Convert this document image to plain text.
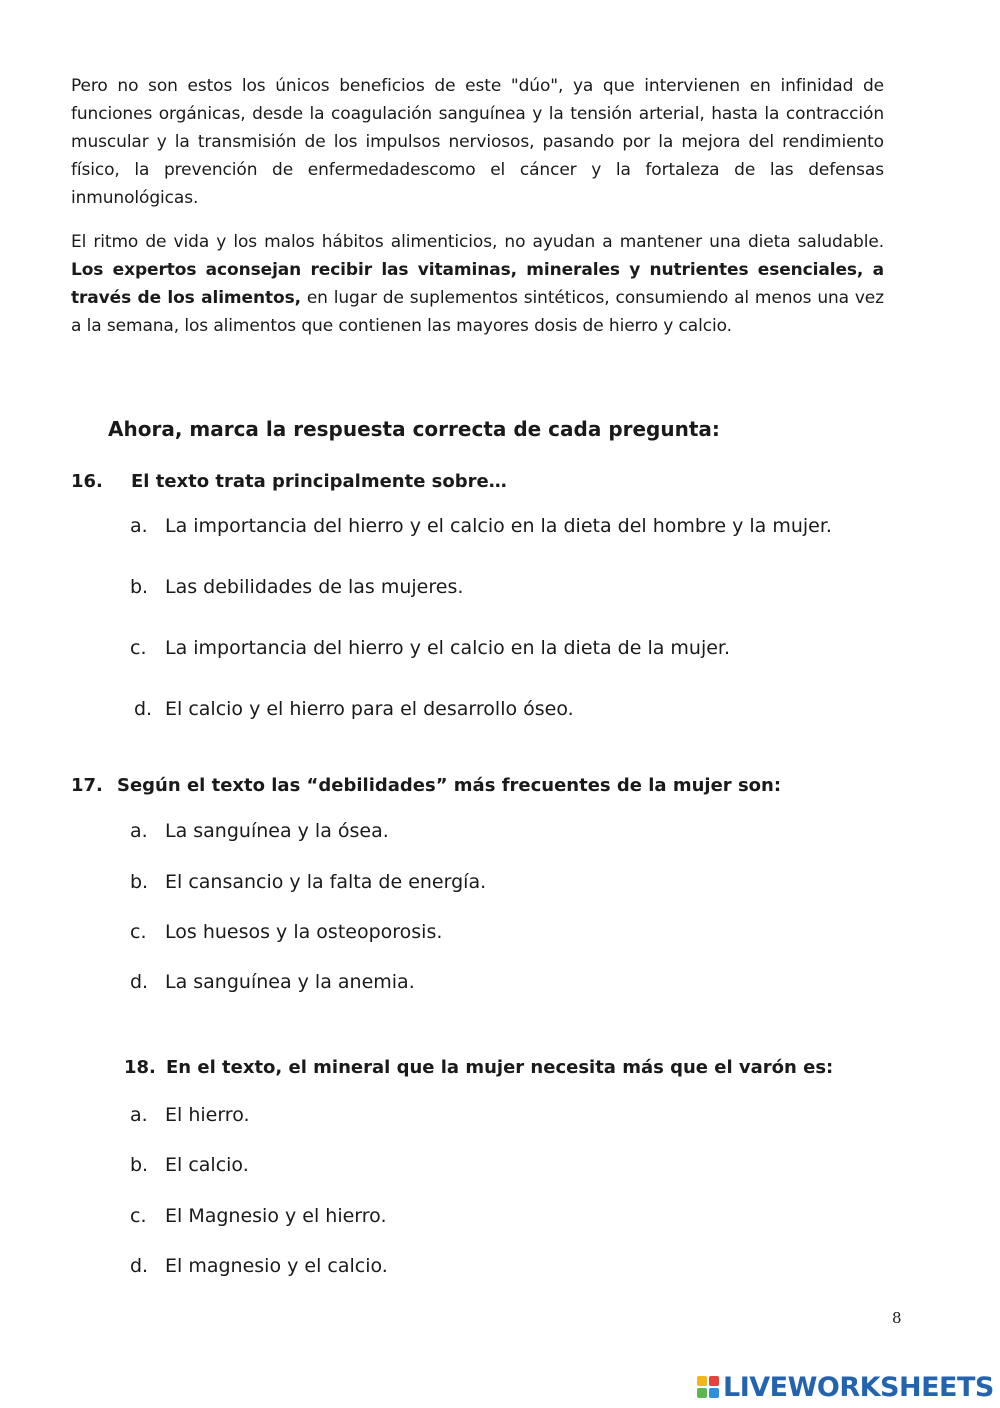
Pero no son estos los únicos beneficios de este "dúo", ya que intervienen en infinidad de funciones orgánicas, desde la coagulación sanguínea y la tensión arterial, hasta la contracción muscular y la transmisión de los impulsos nerviosos, pasando por la mejora del rendimiento físico, la prevención de enfermedadescomo el cáncer y la fortaleza de las defensas inmunológicas.

El ritmo de vida y los malos hábitos alimenticios, no ayudan a mantener una dieta saludable. Los expertos aconsejan recibir las vitaminas, minerales y nutrientes esenciales, a través de los alimentos, en lugar de suplementos sintéticos, consumiendo al menos una vez a la semana, los alimentos que contienen las mayores dosis de hierro y calcio.

Ahora, marca la respuesta correcta de cada pregunta:

16. El texto trata principalmente sobre…

a. La importancia del hierro y el calcio en la dieta del hombre y la mujer.

b. Las debilidades de las mujeres.

c. La importancia del hierro y el calcio en la dieta de la mujer.

d. El calcio y el hierro para el desarrollo óseo.

17. Según el texto las “debilidades” más frecuentes de la mujer son:

a. La sanguínea y la ósea.

b. El cansancio y la falta de energía.

c. Los huesos y la osteoporosis.

d. La sanguínea y la anemia.

18. En el texto, el mineral que la mujer necesita más que el varón es:

a. El hierro.

b. El calcio.

c. El Magnesio y el hierro.

d. El magnesio y el calcio.

8
LIVEWORKSHEETS
